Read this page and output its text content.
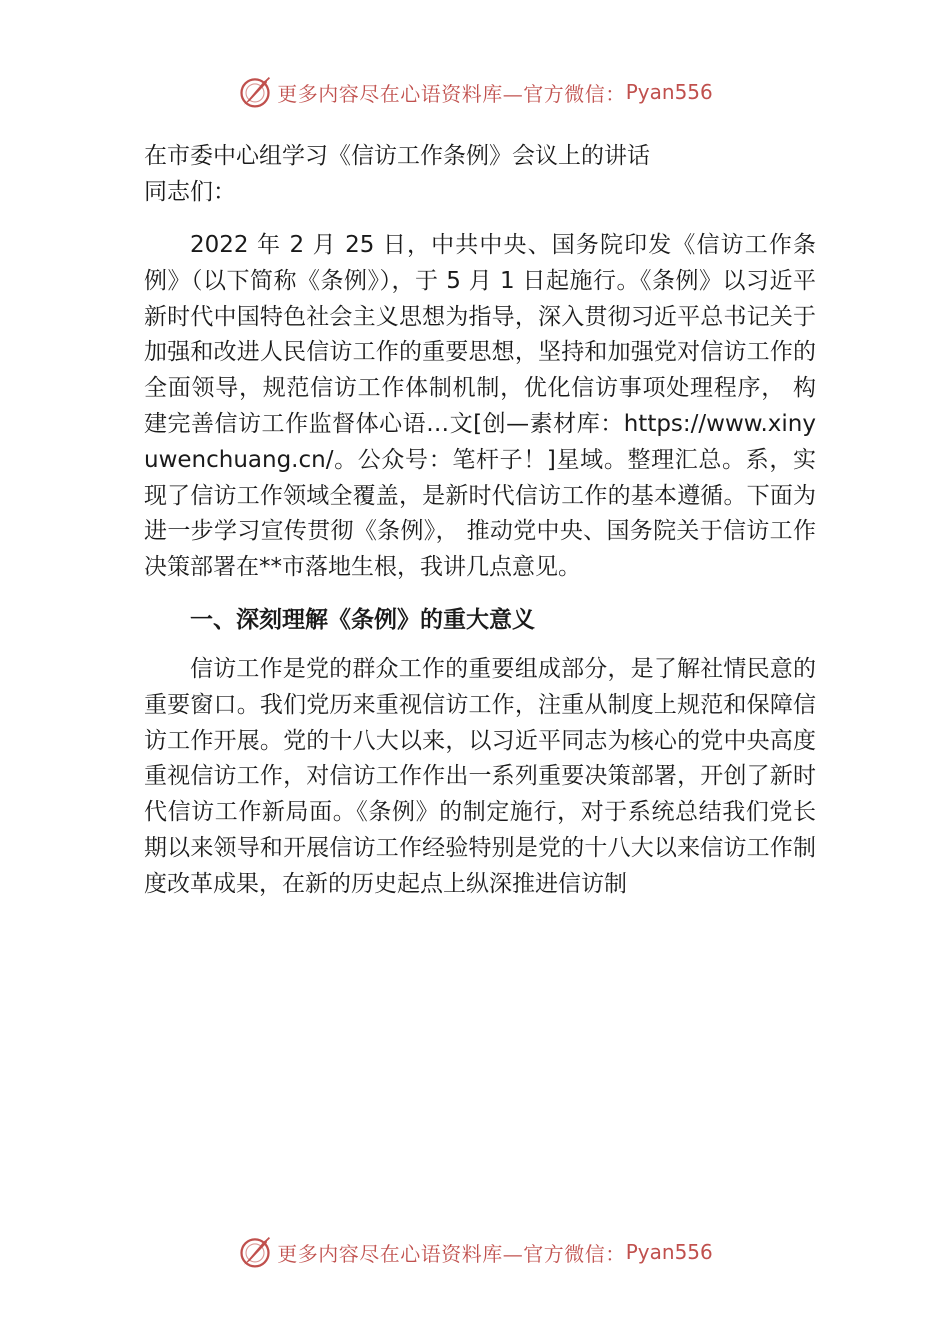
更多内容尽在心语资料库—官方微信： Pyan556

在市委中心组学习《信访工作条例》会议上的讲话

同志们：

2022 年 2 月 25 日，中共中央、国务院印发《信访工作条例》（以下简称《条例》），于 5 月 1 日起施行。《条例》以习近平新时代中国特色社会主义思想为指导，深入贯彻习近平总书记关于加强和改进人民信访工作的重要思想，坚持和加强党对信访工作的全面领导，规范信访工作体制机制，优化信访事项处理程序， 构建完善信访工作监督体心语…文[创—素材库：https://www.xinyuwenchuang.cn/。公众号：笔杆子！]星域。整理汇总。系，实现了信访工作领域全覆盖，是新时代信访工作的基本遵循。下面为进一步学习宣传贯彻《条例》， 推动党中央、国务院关于信访工作决策部署在**市落地生根，我讲几点意见。

一、深刻理解《条例》的重大意义

信访工作是党的群众工作的重要组成部分，是了解社情民意的重要窗口。我们党历来重视信访工作，注重从制度上规范和保障信访工作开展。党的十八大以来，以习近平同志为核心的党中央高度重视信访工作，对信访工作作出一系列重要决策部署，开创了新时代信访工作新局面。《条例》的制定施行，对于系统总结我们党长期以来领导和开展信访工作经验特别是党的十八大以来信访工作制度改革成果，在新的历史起点上纵深推进信访制

更多内容尽在心语资料库—官方微信： Pyan556
